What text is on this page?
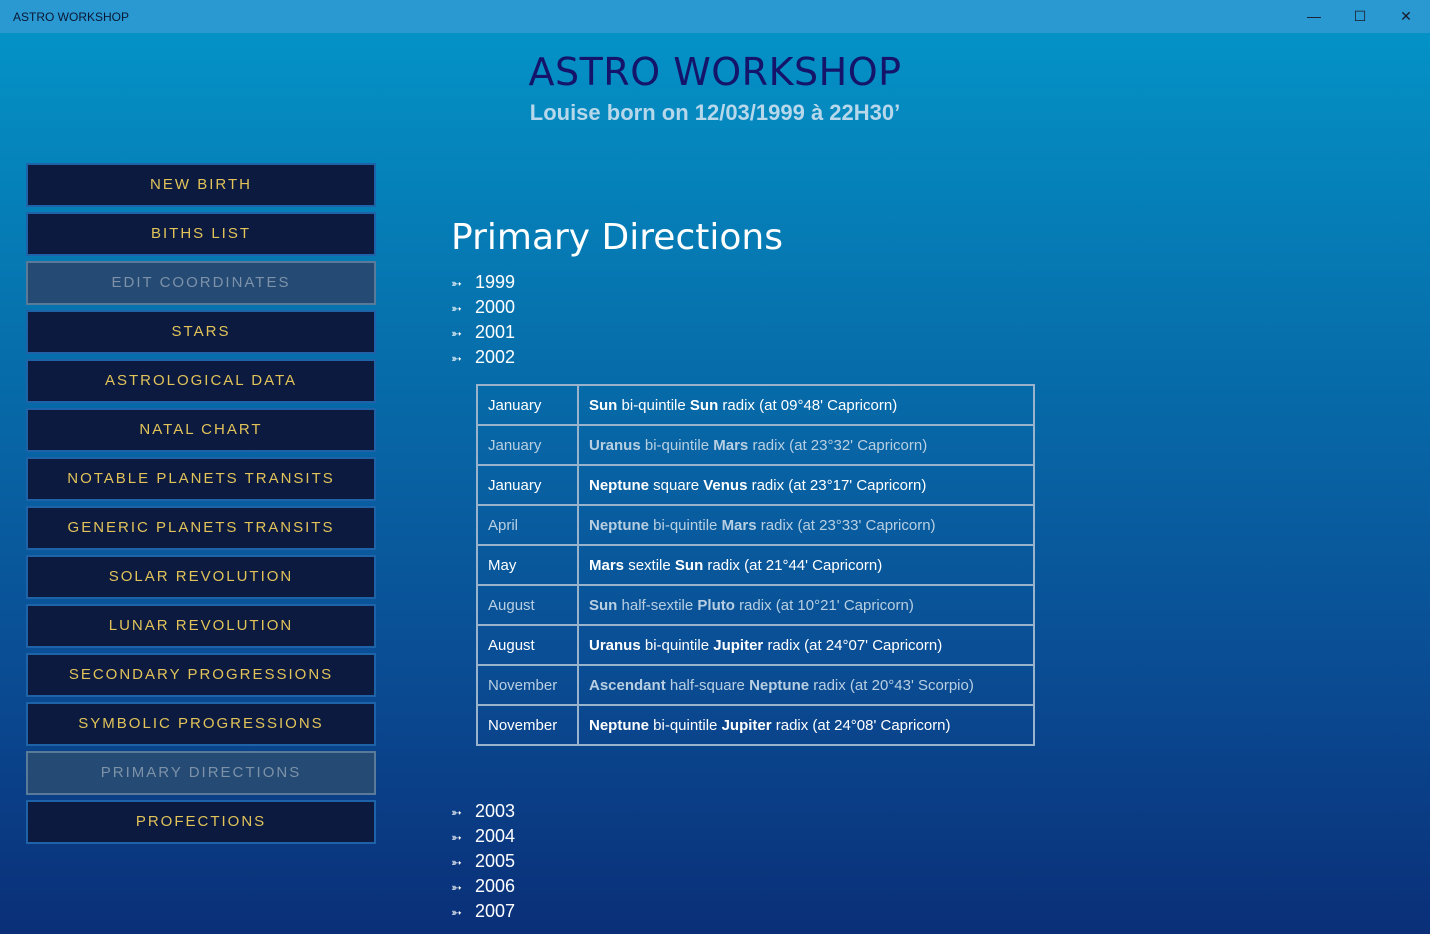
ASTRO WORKSHOP	—	☐	✕
ASTRO WORKSHOP
Louise born on 12/03/1999 à 22H30’
NEW BIRTH
BITHS LIST
EDIT COORDINATES
STARS
ASTROLOGICAL DATA
NATAL CHART
NOTABLE PLANETS TRANSITS
GENERIC PLANETS TRANSITS
SOLAR REVOLUTION
LUNAR REVOLUTION
SECONDARY PROGRESSIONS
SYMBOLIC PROGRESSIONS
PRIMARY DIRECTIONS
PROFECTIONS
Primary Directions
➳ 1999
➳ 2000
➳ 2001
➳ 2002
January	Sun bi-quintile Sun radix (at 09°48' Capricorn)
January	Uranus bi-quintile Mars radix (at 23°32' Capricorn)
January	Neptune square Venus radix (at 23°17' Capricorn)
April	Neptune bi-quintile Mars radix (at 23°33' Capricorn)
May	Mars sextile Sun radix (at 21°44' Capricorn)
August	Sun half-sextile Pluto radix (at 10°21' Capricorn)
August	Uranus bi-quintile Jupiter radix (at 24°07' Capricorn)
November	Ascendant half-square Neptune radix (at 20°43' Scorpio)
November	Neptune bi-quintile Jupiter radix (at 24°08' Capricorn)
➳ 2003
➳ 2004
➳ 2005
➳ 2006
➳ 2007
